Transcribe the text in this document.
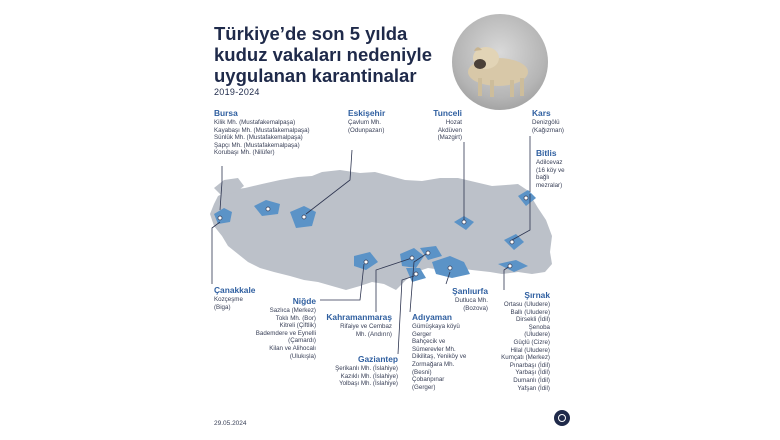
Türkiye’de son 5 yılda
kuduz vakaları nedeniyle
uygulanan karantinalar
2019-2024
Bursa
Kilik Mh. (Mustafakemalpaşa)
Kayabaşı Mh. (Mustafakemalpaşa)
Sünlük Mh. (Mustafakemalpaşa)
Şapçı Mh. (Mustafakemalpaşa)
Korubaşı Mh. (Nilüfer)
Eskişehir
Çavlum Mh.
(Odunpazarı)
Tunceli
Hozat
Akdüven
(Mazgirt)
Kars
Denizgölü
(Kağızman)
Bitlis
Adilcevaz
(16 köy ve
bağlı
mezralar)
Çanakkale
Kozçeşme
(Biga)
Niğde
Sazlıca (Merkez)
Toklı Mh. (Bor)
Kitreli (Çiftlik)
Bademdere ve Eynelli
(Çamardı)
Kilan ve Alihocalı
(Ulukışla)
Kahramanmaraş
Rifaiye ve Cembaz
Mh. (Andırın)
Gaziantep
Şerikanlı Mh. (İslahiye)
Kazıklı Mh. (İslahiye)
Yolbaşı Mh. (İslahiye)
Adıyaman
Gümüşkaya köyü
Gerger
Bahçecik ve
Sümerevler Mh.
Dikilitaş, Yeniköy ve
Zormağara Mh.
(Besni)
Çobanpınar
(Gerger)
Şanlıurfa
Dutluca Mh.
(Bozova)
Şırnak
Ortasu (Uludere)
Ballı (Uludere)
Dirsekli (İdil)
Şenoba
(Uludere)
Güçlü (Cizre)
Hilal (Uludere)
Kumçatı (Merkez)
Pınarbaşı (İdil)
Yarbaşı (İdil)
Dumanlı (İdil)
Yafşan (İdil)
29.05.2024
